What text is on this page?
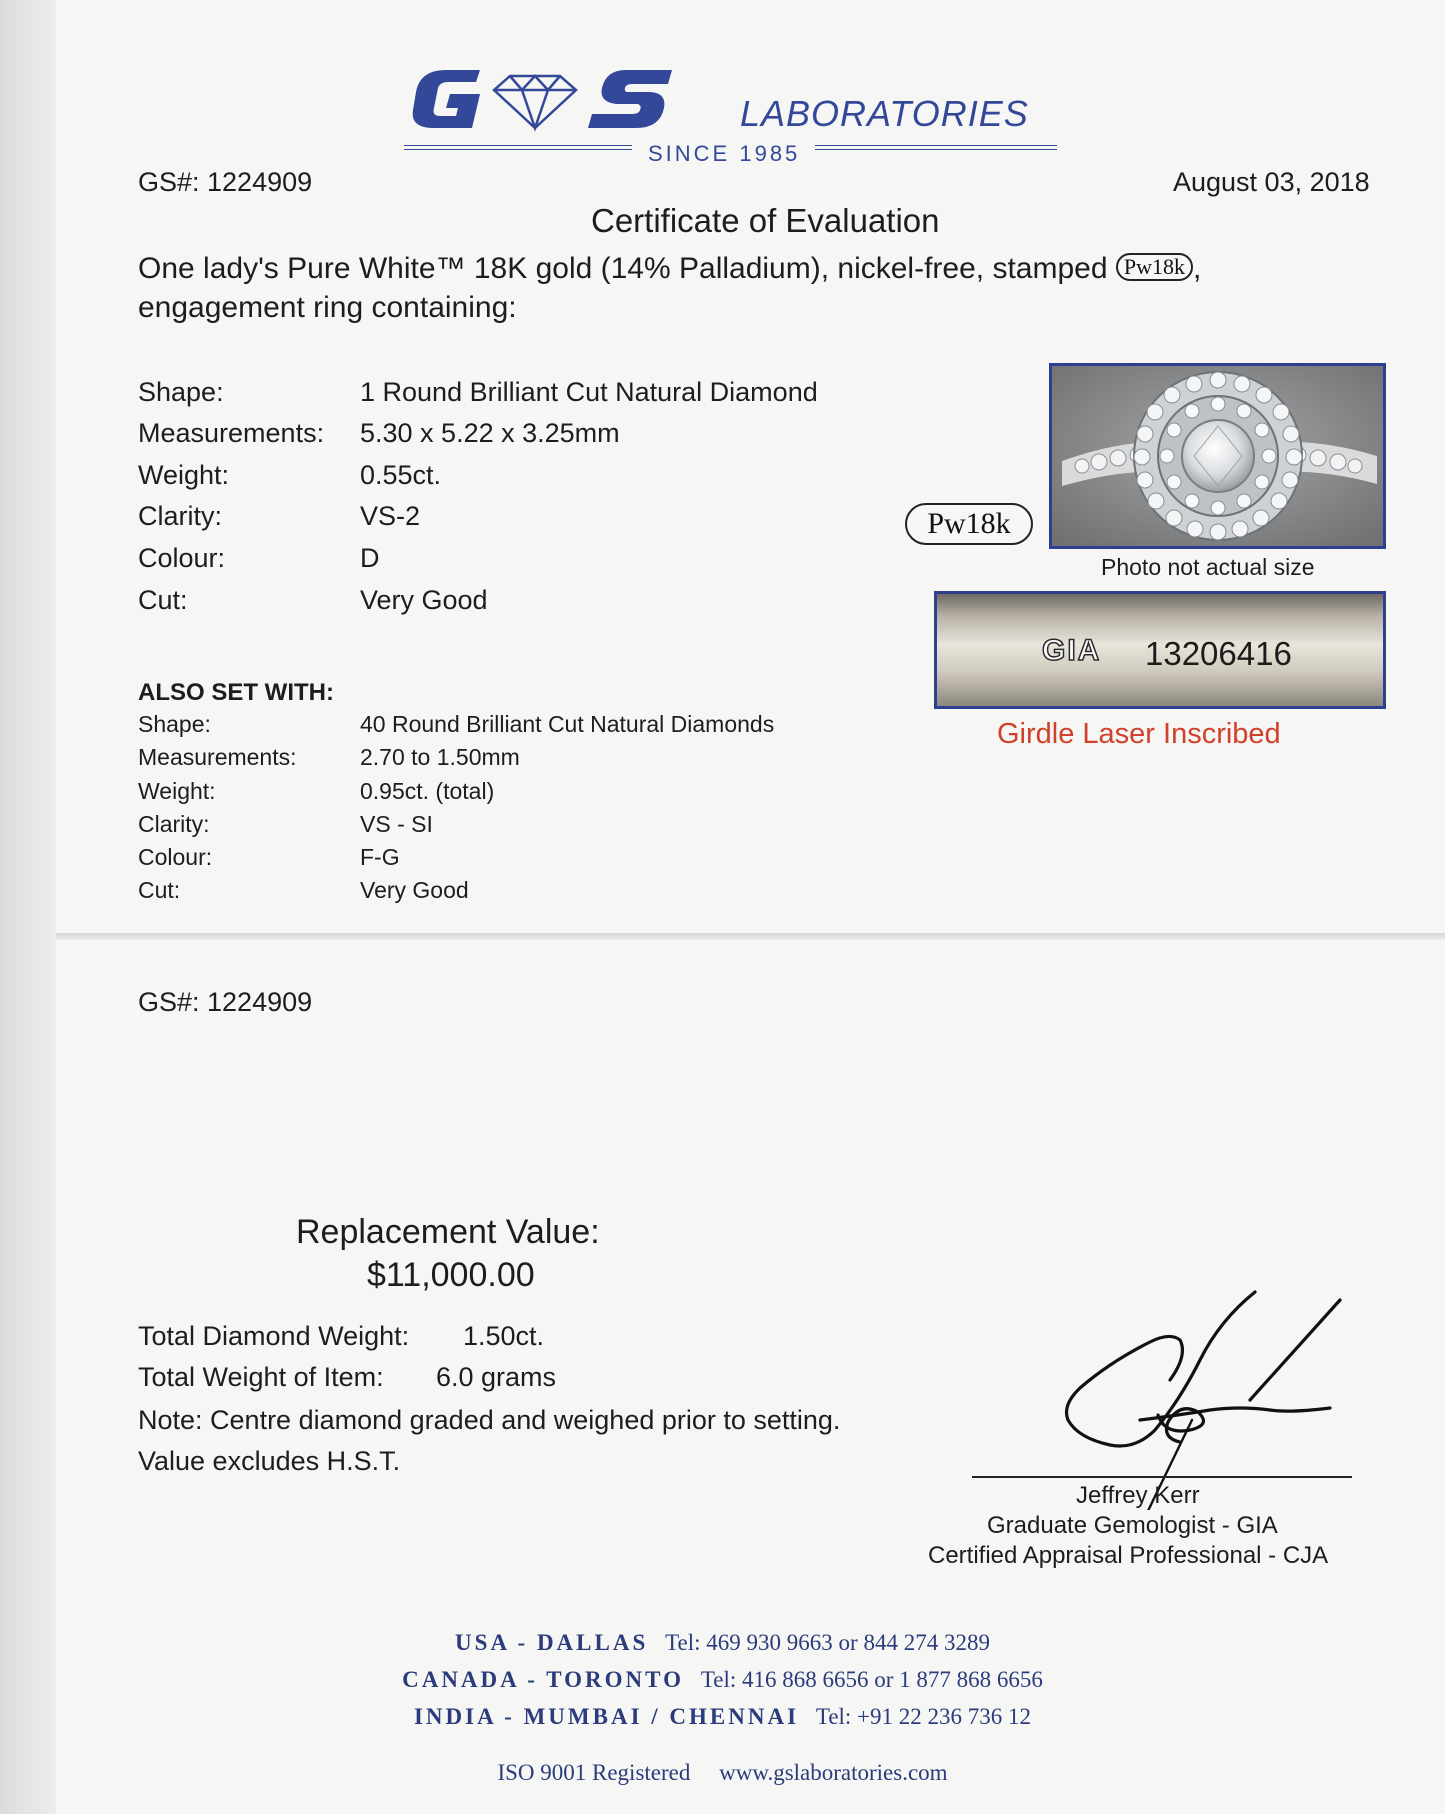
LABORATORIES
SINCE 1985
GS#: 1224909	August 03, 2018
Certificate of Evaluation
One lady's Pure White™ 18K gold (14% Palladium), nickel-free, stamped Pw18k ,
engagement ring containing:
Shape:	1 Round Brilliant Cut Natural Diamond
Measurements: 5.30 x 5.22 x 3.25mm
Weight:	0.55ct.
Clarity:	VS-2
Colour:	D
Cut:	Very Good
ALSO SET WITH:
Shape:	40 Round Brilliant Cut Natural Diamonds
Measurements:	2.70 to 1.50mm
Weight:	0.95ct. (total)
Clarity:	VS - SI
Colour:	F-G
Cut:	Very Good
Pw18k
Photo not actual size
GIA 13206416
Girdle Laser Inscribed
GS#: 1224909
Replacement Value:
$11,000.00
Total Diamond Weight: 1.50ct.
Total Weight of Item: 6.0 grams
Note: Centre diamond graded and weighed prior to setting.
Value excludes H.S.T.
Jeffrey Kerr
Graduate Gemologist - GIA
Certified Appraisal Professional - CJA
USA - DALLAS Tel: 469 930 9663 or 844 274 3289
CANADA - TORONTO Tel: 416 868 6656 or 1 877 868 6656
INDIA - MUMBAI / CHENNAI Tel: +91 22 236 736 12
ISO 9001 Registered www.gslaboratories.com
